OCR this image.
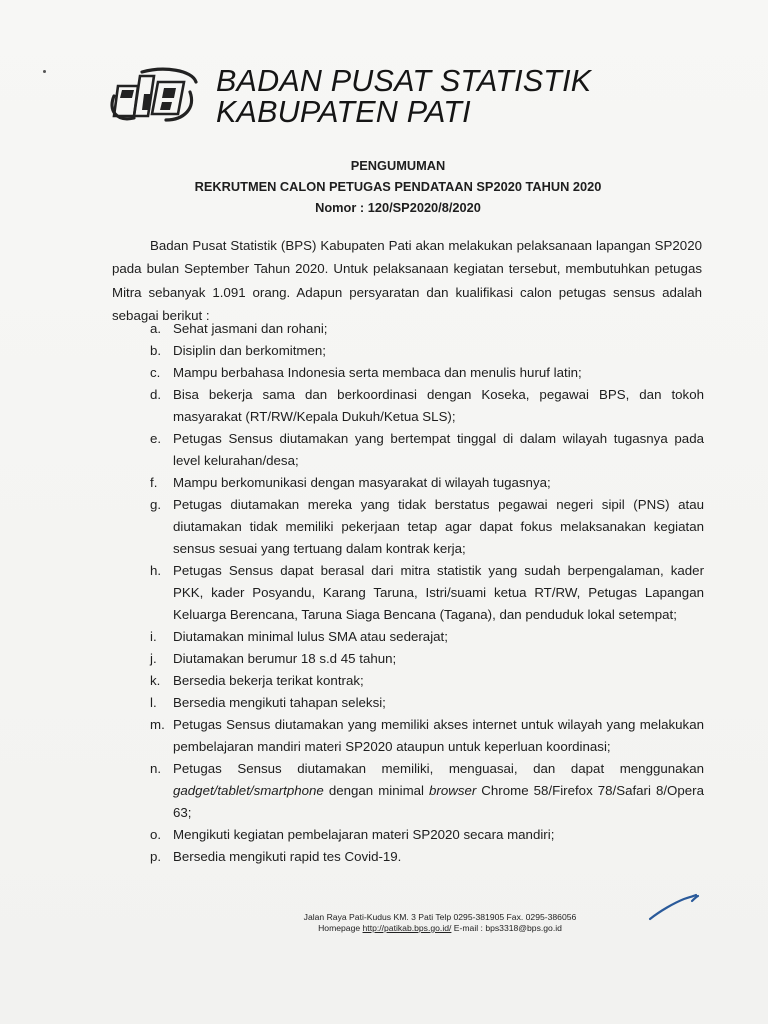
BADAN PUSAT STATISTIK
KABUPATEN PATI
PENGUMUMAN
REKRUTMEN CALON PETUGAS PENDATAAN SP2020 TAHUN 2020
Nomor : 120/SP2020/8/2020
Badan Pusat Statistik (BPS) Kabupaten Pati akan melakukan pelaksanaan lapangan SP2020 pada bulan September Tahun 2020. Untuk pelaksanaan kegiatan tersebut, membutuhkan petugas Mitra sebanyak 1.091 orang. Adapun persyaratan dan kualifikasi calon petugas sensus adalah sebagai berikut :
a. Sehat jasmani dan rohani;
b. Disiplin dan berkomitmen;
c. Mampu berbahasa Indonesia serta membaca dan menulis huruf latin;
d. Bisa bekerja sama dan berkoordinasi dengan Koseka, pegawai BPS, dan tokoh masyarakat (RT/RW/Kepala Dukuh/Ketua SLS);
e. Petugas Sensus diutamakan yang bertempat tinggal di dalam wilayah tugasnya pada level kelurahan/desa;
f. Mampu berkomunikasi dengan masyarakat di wilayah tugasnya;
g. Petugas diutamakan mereka yang tidak berstatus pegawai negeri sipil (PNS) atau diutamakan tidak memiliki pekerjaan tetap agar dapat fokus melaksanakan kegiatan sensus sesuai yang tertuang dalam kontrak kerja;
h. Petugas Sensus dapat berasal dari mitra statistik yang sudah berpengalaman, kader PKK, kader Posyandu, Karang Taruna, Istri/suami ketua RT/RW, Petugas Lapangan Keluarga Berencana, Taruna Siaga Bencana (Tagana), dan penduduk lokal setempat;
i. Diutamakan minimal lulus SMA atau sederajat;
j. Diutamakan berumur 18 s.d 45 tahun;
k. Bersedia bekerja terikat kontrak;
l. Bersedia mengikuti tahapan seleksi;
m. Petugas Sensus diutamakan yang memiliki akses internet untuk wilayah yang melakukan pembelajaran mandiri materi SP2020 ataupun untuk keperluan koordinasi;
n. Petugas Sensus diutamakan memiliki, menguasai, dan dapat menggunakan gadget/tablet/smartphone dengan minimal browser Chrome 58/Firefox 78/Safari 8/Opera 63;
o. Mengikuti kegiatan pembelajaran materi SP2020 secara mandiri;
p. Bersedia mengikuti rapid tes Covid-19.
Jalan Raya Pati-Kudus KM. 3 Pati Telp 0295-381905 Fax. 0295-386056
Homepage http://patikab.bps.go.id/ E-mail : bps3318@bps.go.id
